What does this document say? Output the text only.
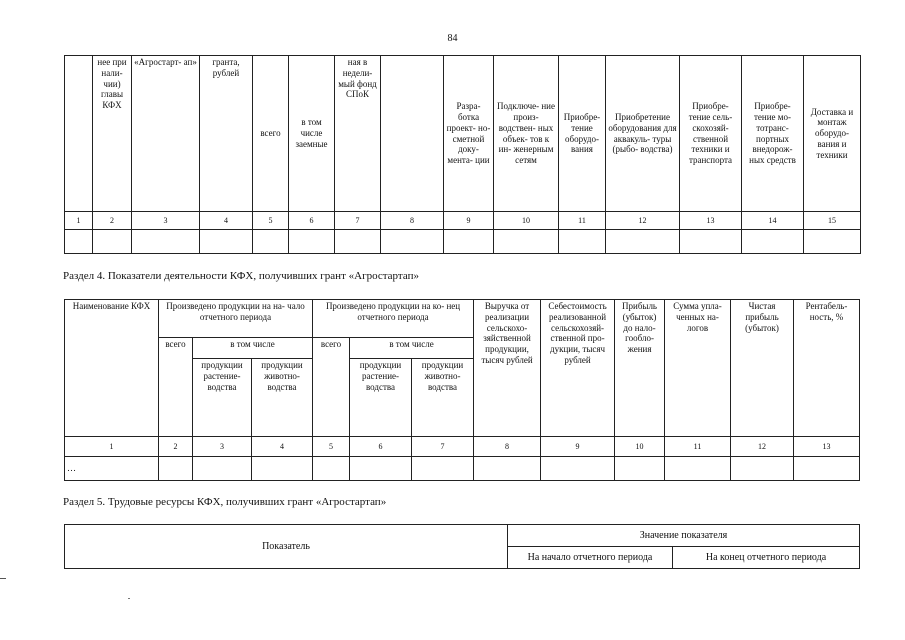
84
	нее при нали- чии) главы КФХ	«Агростарт- ап»	гранта, рублей	всего	в том числе заемные	ная в недели- мый фонд СПоК		Разра- ботка проект- но- сметной доку- мента- ции	Подключе- ние произ- водствен- ных объек- тов к ин- женерным сетям	Приобре- тение оборудо- вания	Приобретение оборудования для аквакуль- туры (рыбо- водства)	Приобре- тение сель- скохозяй- ственной техники и транспорта	Приобре- тение мо- тотранс- портных внедорож- ных средств	Доставка и монтаж оборудо- вания и техники
1	2	3	4	5	6	7	8	9	10	11	12	13	14	15

Раздел 4. Показатели деятельности КФХ, получивших грант «Агростартап»
Наименование КФХ	Произведено продукции на на- чало отчетного периода			Произведено продукции на ко- нец отчетного периода			Выручка от реализации сельскохо- зяйственной продукции, тысяч рублей	Себестоимость реализованной сельскохозяй- ственной про- дукции, тысяч рублей	Прибыль (убыток) до нало- гообло- жения	Сумма упла- ченных на- логов	Чистая прибыль (убыток)	Рентабель- ность, %
	всего	в том числе		всего	в том числе							
		продукции растение- водства	продукции животно- водства		продукции растение- водства	продукции животно- водства						
1	2	3	4	5	6	7	8	9	10	11	12	13
…												
Раздел 5. Трудовые ресурсы КФХ, получивших грант «Агростартап»
Показатель	Значение показателя	
	На начало отчетного периода	На конец отчетного периода
